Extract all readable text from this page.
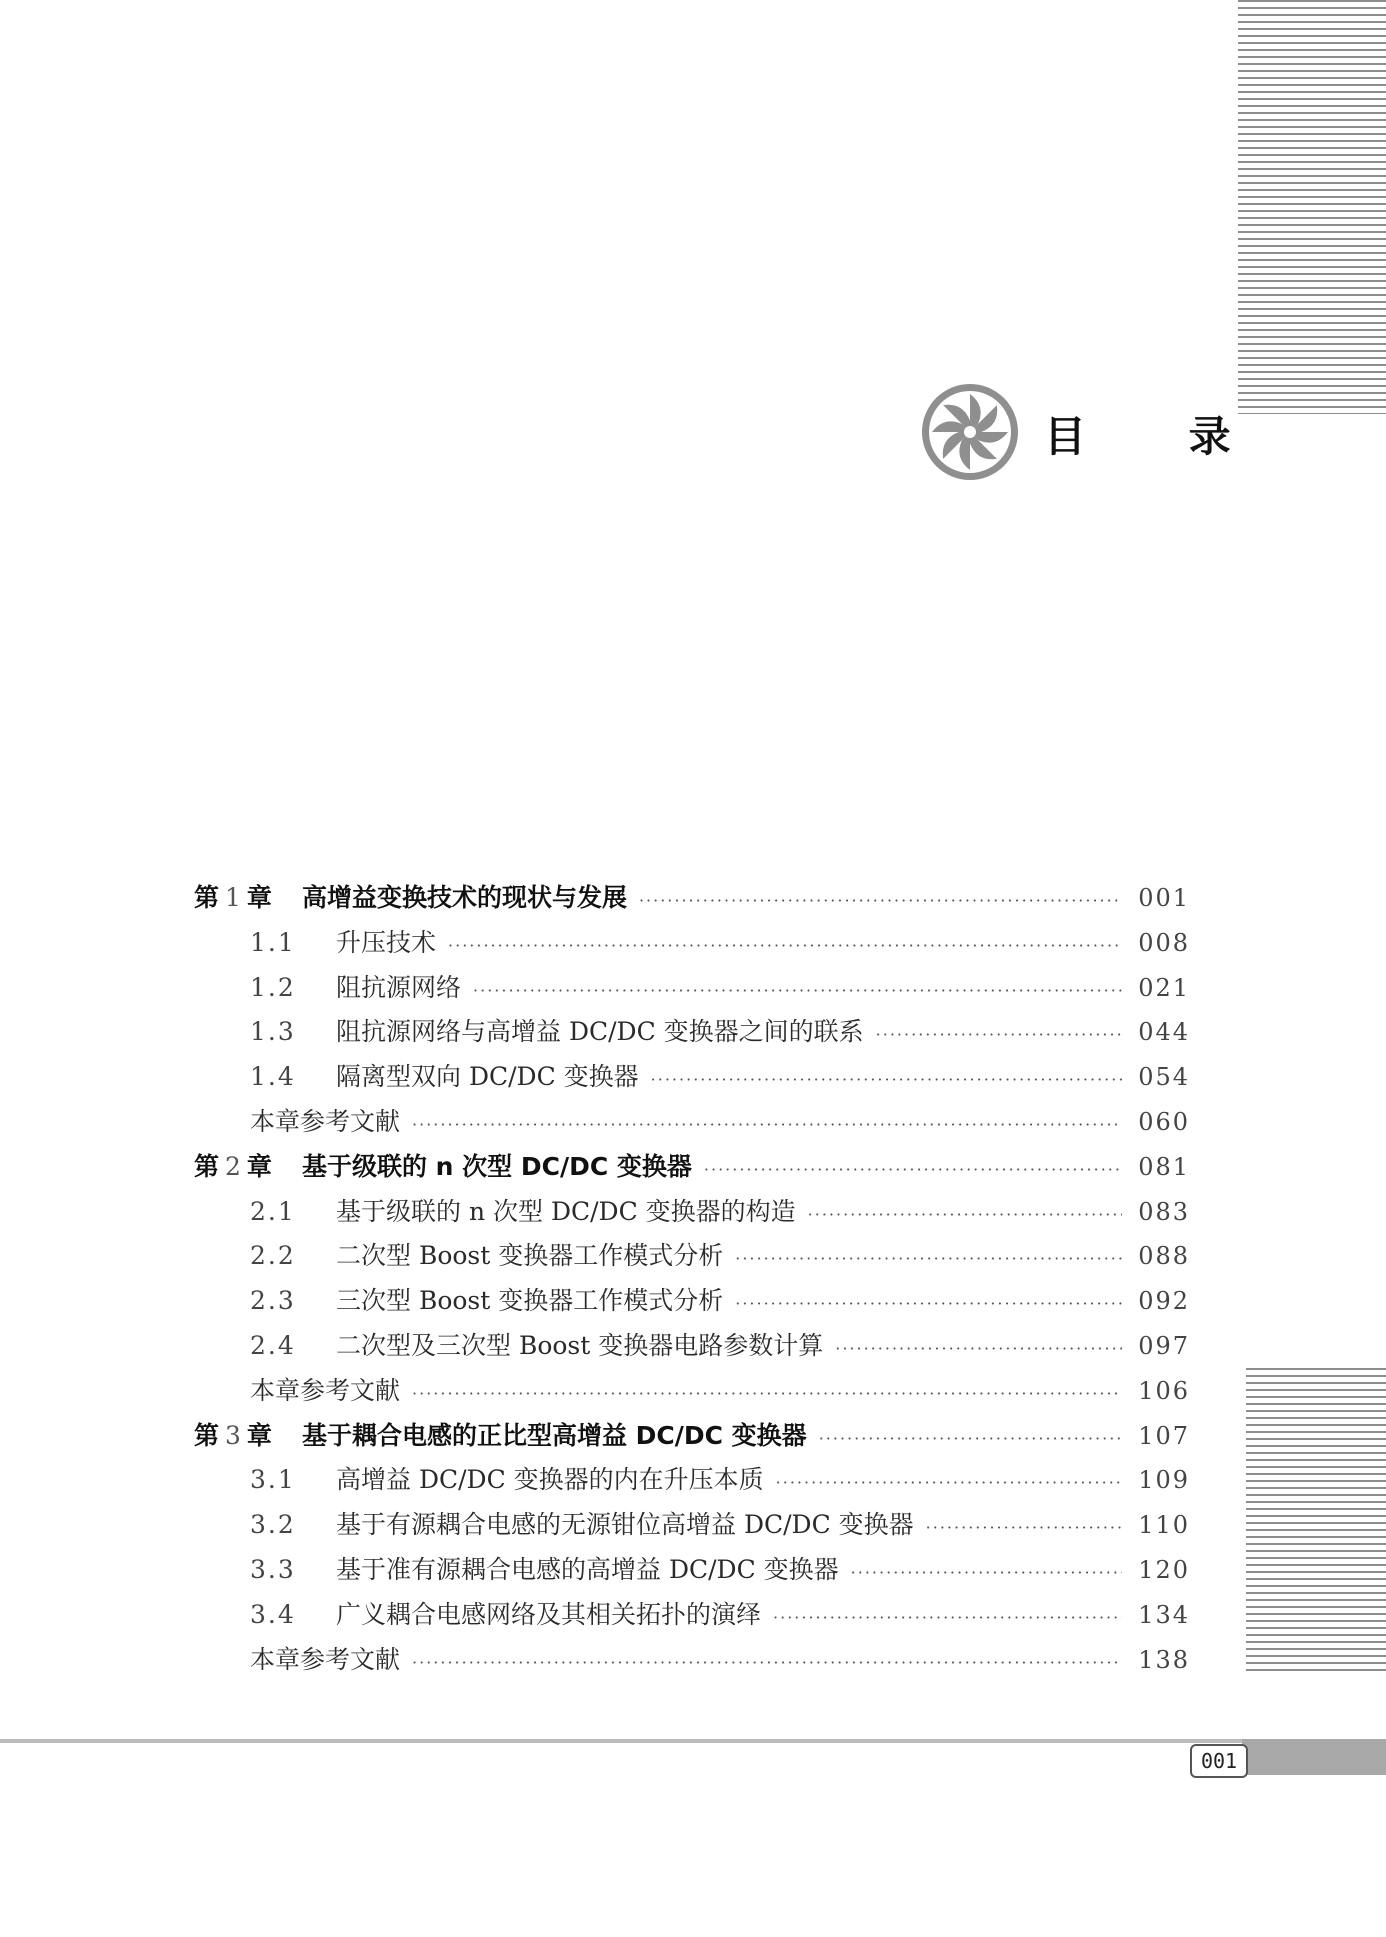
目 录
第 1 章 高增益变换技术的现状与发展 ·····	001
1.1	升压技术 ·····	008
1.2	阻抗源网络 ·····	021
1.3	阻抗源网络与高增益 DC/DC 变换器之间的联系 ·····	044
1.4	隔离型双向 DC/DC 变换器 ·····	054
本章参考文献 ·····	060
第 2 章 基于级联的 n 次型 DC/DC 变换器 ·····	081
2.1	基于级联的 n 次型 DC/DC 变换器的构造 ·····	083
2.2	二次型 Boost 变换器工作模式分析 ·····	088
2.3	三次型 Boost 变换器工作模式分析 ·····	092
2.4	二次型及三次型 Boost 变换器电路参数计算 ·····	097
本章参考文献 ·····	106
第 3 章 基于耦合电感的正比型高增益 DC/DC 变换器 ·····	107
3.1	高增益 DC/DC 变换器的内在升压本质 ·····	109
3.2	基于有源耦合电感的无源钳位高增益 DC/DC 变换器 ·····	110
3.3	基于准有源耦合电感的高增益 DC/DC 变换器 ·····	120
3.4	广义耦合电感网络及其相关拓扑的演绎 ·····	134
本章参考文献 ·····	138
001
